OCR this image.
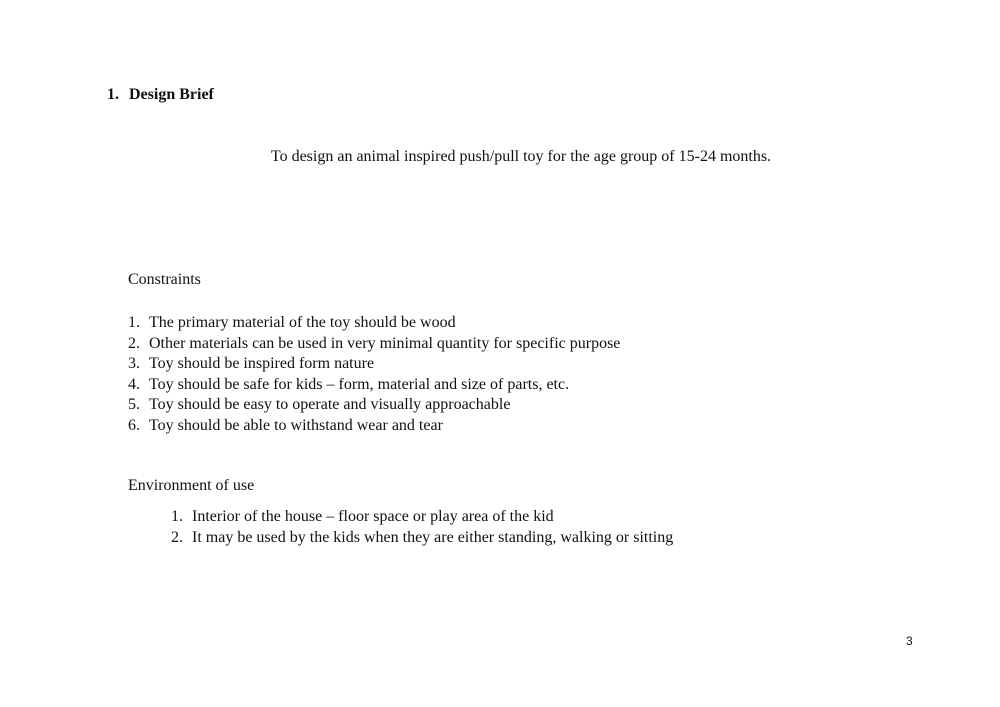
1. Design Brief
To design an animal inspired push/pull toy for the age group of 15-24 months.
Constraints
1. The primary material of the toy should be wood
2. Other materials can be used in very minimal quantity for specific purpose
3. Toy should be inspired form nature
4. Toy should be safe for kids – form, material and size of parts, etc.
5. Toy should be easy to operate and visually approachable
6. Toy should be able to withstand wear and tear
Environment of use
1. Interior of the house – floor space or play area of the kid
2. It may be used by the kids when they are either standing, walking or sitting
3
